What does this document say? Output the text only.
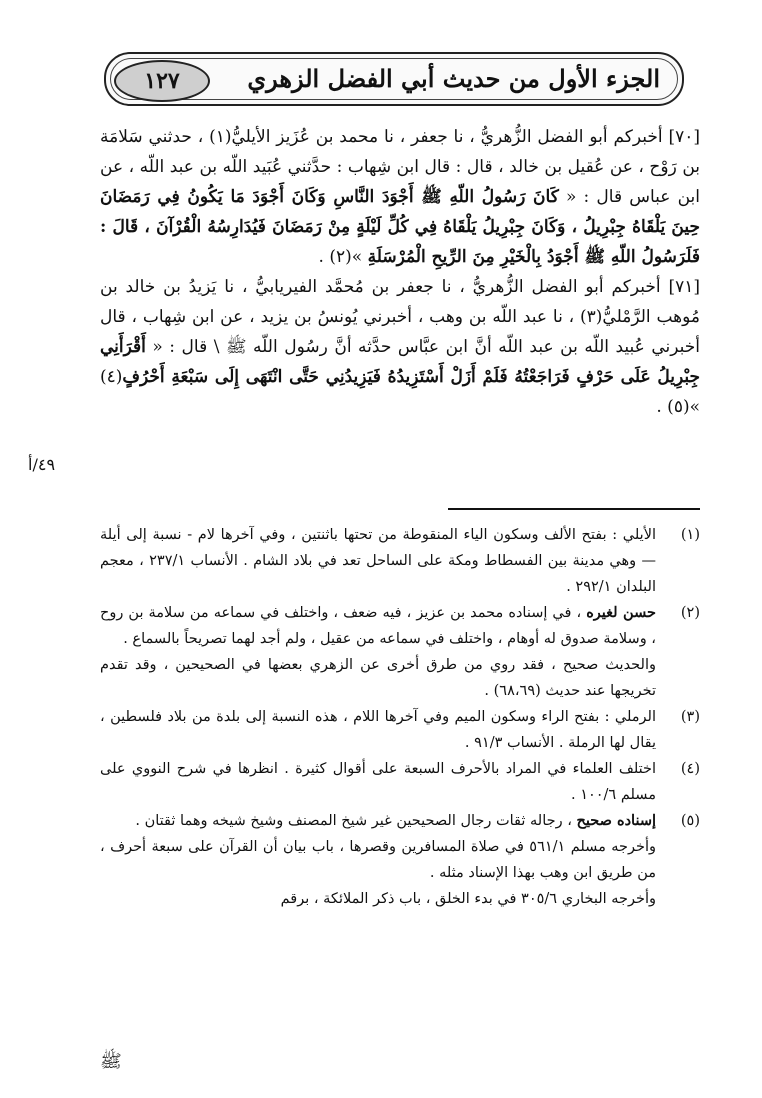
١٢٧	الجزء الأول من حديث أبي الفضل الزهري

[٧٠] أخبركم أبو الفضل الزُّهريُّ ، نا جعفر ، نا محمد بن عُزَيز الأيليُّ(١) ، حدثني سَلامَة بن رَوْح ، عن عُقيل بن خالد ، قال : قال ابن شِهاب : حدَّثني عُبَيد اللّه بن عبد اللّه ، عن ابن عباس قال : « كَانَ رَسُولُ اللّهِ ﷺ أَجْوَدَ النَّاسِ وَكَانَ أَجْوَدَ مَا يَكُونُ فِي رَمَضَانَ حِينَ يَلْقَاهُ جِبْرِيلُ ، وَكَانَ جِبْرِيلُ يَلْقَاهُ فِي كُلِّ لَيْلَةٍ مِنْ رَمَضَانَ فَيُدَارِسُهُ الْقُرْآنَ ، قَالَ : فَلَرَسُولُ اللّهِ ﷺ أَجْوَدُ بِالْخَيْرِ مِنَ الرِّيحِ الْمُرْسَلَةِ »(٢) .

[٧١] أخبركم أبو الفضل الزُّهريُّ ، نا جعفر بن مُحمَّد الفيريابيُّ ، نا يَزيدُ بن خالد بن مُوهب الرَّمْليُّ(٣) ، نا عبد اللّه بن وهب ، أخبرني يُونسُ بن يزيد ، عن ابن شِهاب ، قال أخبرني عُبيد اللّه بن عبد اللّه أنَّ ابن عبَّاس حدَّثه أنَّ رسُول اللّه ﷺ \ قال : « أَقْرَأَنِي جِبْرِيلُ عَلَى حَرْفٍ فَرَاجَعْتُهُ فَلَمْ أَزَلْ أَسْتَزِيدُهُ فَيَزِيدُنِي حَتَّى انْتَهَى إِلَى سَبْعَةِ أَحْرُفٍ(٤) »(٥) .

٤٩/أ
(١)
الأيلي : بفتح الألف وسكون الياء المنقوطة من تحتها باثنتين ، وفي آخرها لام - نسبة إلى أيلة — وهي مدينة بين الفسطاط ومكة على الساحل تعد في بلاد الشام . الأنساب ٢٣٧/١ ، معجم البلدان ٢٩٢/١ .
(٢)
حسن لغيره ، في إسناده محمد بن عزيز ، فيه ضعف ، واختلف في سماعه من سلامة بن روح ، وسلامة صدوق له أوهام ، واختلف في سماعه من عقيل ، ولم أجد لهما تصريحاً بالسماع .

والحديث صحيح ، فقد روي من طرق أخرى عن الزهري بعضها في الصحيحين ، وقد تقدم تخريجها عند حديث (٦٨،٦٩) .

(٣)
الرملي : بفتح الراء وسكون الميم وفي آخرها اللام ، هذه النسبة إلى بلدة من بلاد فلسطين ، يقال لها الرملة . الأنساب ٩١/٣ .
(٤)
اختلف العلماء في المراد بالأحرف السبعة على أقوال كثيرة . انظرها في شرح النووي على مسلم ١٠٠/٦ .
(٥)
إسناده صحيح ، رجاله ثقات رجال الصحيحين غير شيخ المصنف وشيخ شيخه وهما ثقتان .

وأخرجه مسلم ٥٦١/١ في صلاة المسافرين وقصرها ، باب بيان أن القرآن على سبعة أحرف ، من طريق ابن وهب بهذا الإسناد مثله .

وأخرجه البخاري ٣٠٥/٦ في بدء الخلق ، باب ذكر الملائكة ، برقم

ﷺ
